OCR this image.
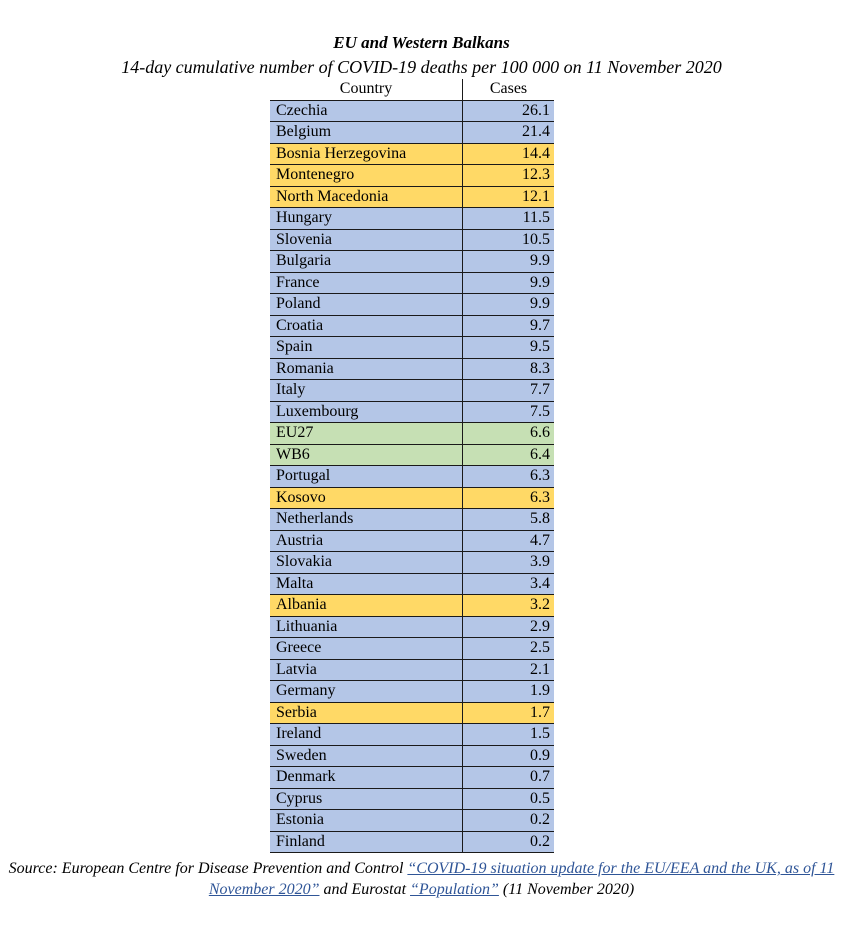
EU and Western Balkans
14-day cumulative number of COVID-19 deaths per 100 000 on 11 November 2020
Country	Cases
Czechia	26.1
Belgium	21.4
Bosnia Herzegovina	14.4
Montenegro	12.3
North Macedonia	12.1
Hungary	11.5
Slovenia	10.5
Bulgaria	9.9
France	9.9
Poland	9.9
Croatia	9.7
Spain	9.5
Romania	8.3
Italy	7.7
Luxembourg	7.5
EU27	6.6
WB6	6.4
Portugal	6.3
Kosovo	6.3
Netherlands	5.8
Austria	4.7
Slovakia	3.9
Malta	3.4
Albania	3.2
Lithuania	2.9
Greece	2.5
Latvia	2.1
Germany	1.9
Serbia	1.7
Ireland	1.5
Sweden	0.9
Denmark	0.7
Cyprus	0.5
Estonia	0.2
Finland	0.2
Source: European Centre for Disease Prevention and Control “COVID-19 situation update for the EU/EEA and the UK, as of 11 November 2020” and Eurostat “Population” (11 November 2020)
